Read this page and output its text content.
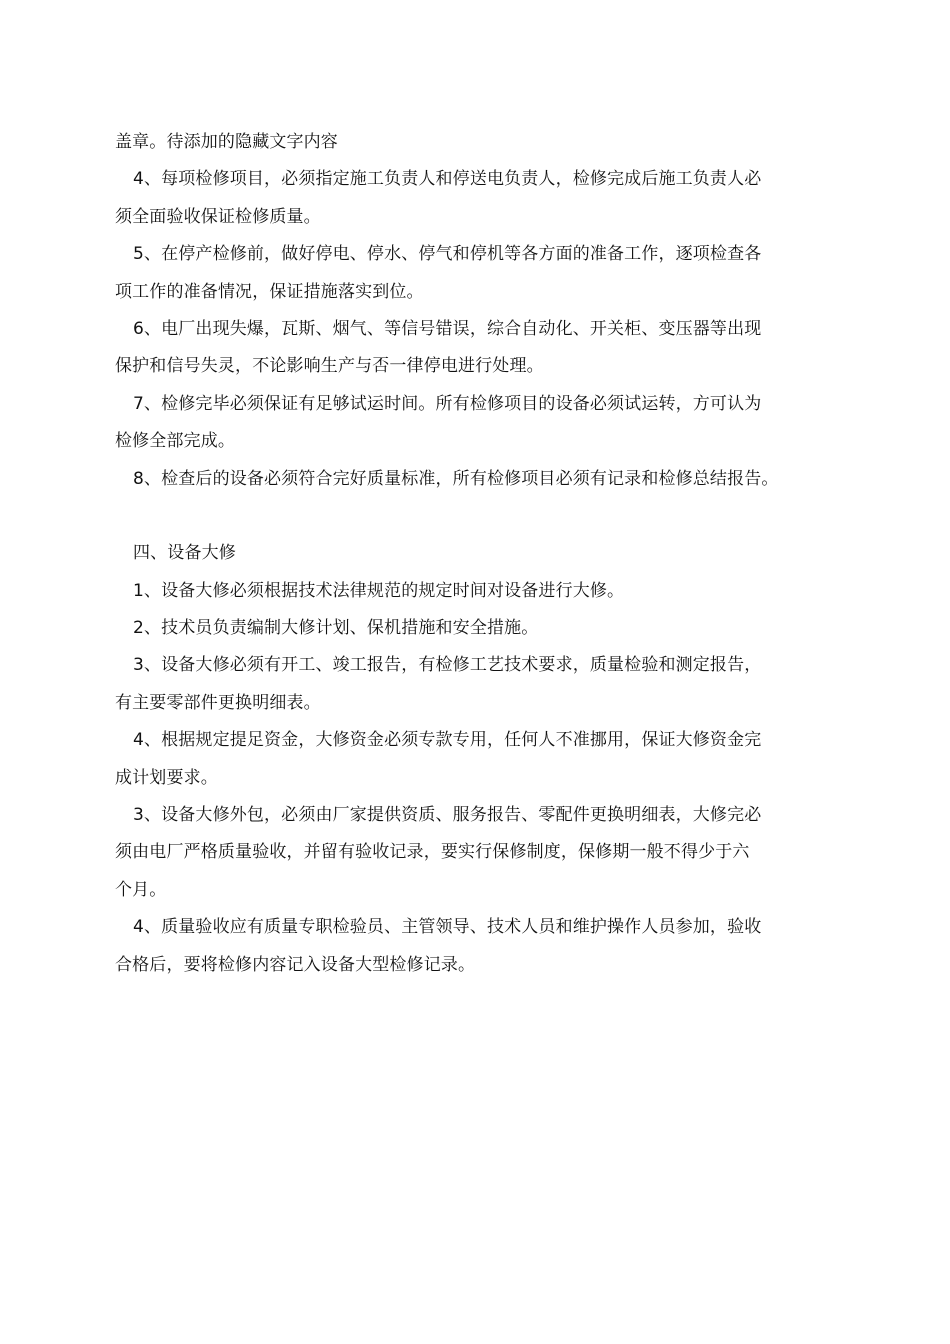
盖章。待添加的隐藏文字内容
4、每项检修项目，必须指定施工负责人和停送电负责人，检修完成后施工负责人必
须全面验收保证检修质量。
5、在停产检修前，做好停电、停水、停气和停机等各方面的准备工作，逐项检查各
项工作的准备情况，保证措施落实到位。
6、电厂出现失爆，瓦斯、烟气、等信号错误，综合自动化、开关柜、变压器等出现
保护和信号失灵，不论影响生产与否一律停电进行处理。
7、检修完毕必须保证有足够试运时间。所有检修项目的设备必须试运转，方可认为
检修全部完成。
8、检查后的设备必须符合完好质量标准，所有检修项目必须有记录和检修总结报告。
四、设备大修
1、设备大修必须根据技术法律规范的规定时间对设备进行大修。
2、技术员负责编制大修计划、保机措施和安全措施。
3、设备大修必须有开工、竣工报告，有检修工艺技术要求，质量检验和测定报告，
有主要零部件更换明细表。
4、根据规定提足资金，大修资金必须专款专用，任何人不准挪用，保证大修资金完
成计划要求。
3、设备大修外包，必须由厂家提供资质、服务报告、零配件更换明细表，大修完必
须由电厂严格质量验收，并留有验收记录，要实行保修制度，保修期一般不得少于六
个月。
4、质量验收应有质量专职检验员、主管领导、技术人员和维护操作人员参加，验收
合格后，要将检修内容记入设备大型检修记录。
